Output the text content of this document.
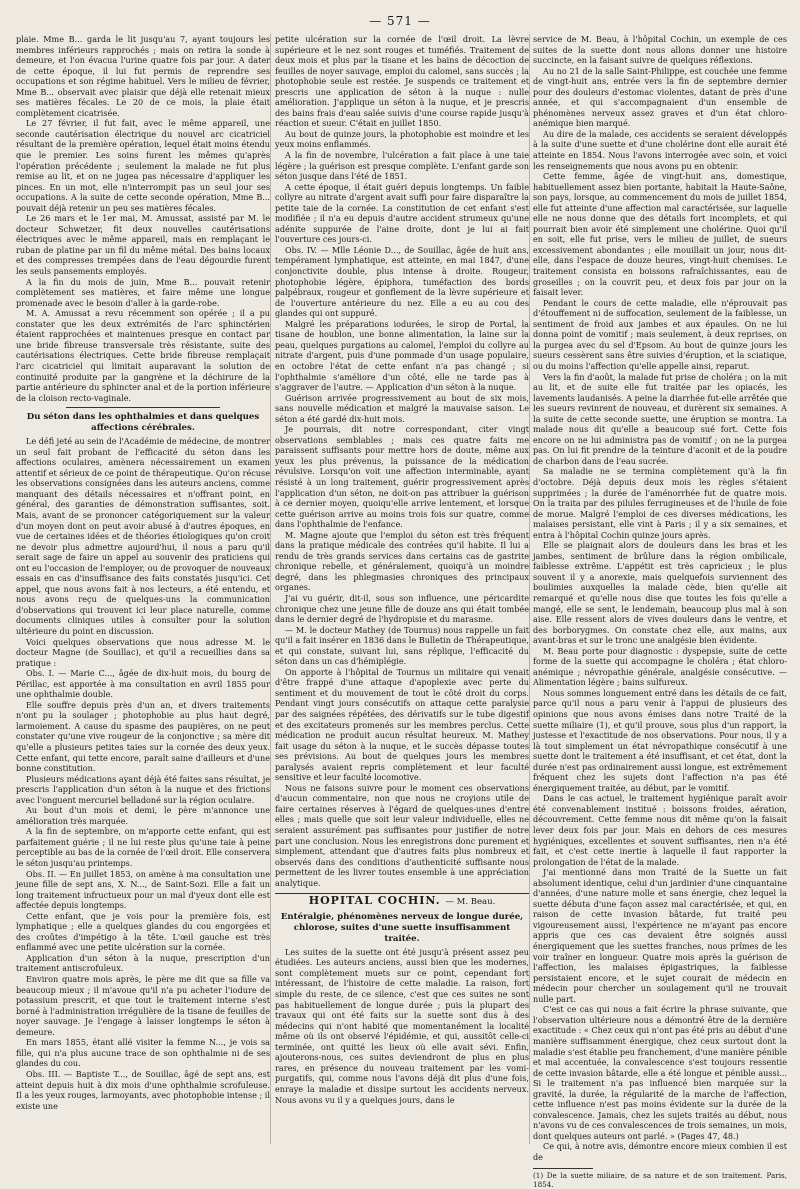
— 571 —

plaie. Mme B... garda le lit jusqu'au 7, ayant toujours les membres inférieurs rapprochés ; mais on retira la sonde à demeure, et l'on évacua l'urine quatre fois par jour. A dater de cette époque, il lui fut permis de reprendre ses occupations et son régime habituel. Vers le milieu de février, Mme B... observait avec plaisir que déjà elle retenait mieux ses matières fécales. Le 20 de ce mois, la plaie était complètement cicatrisée.

Le 27 février, il fut fait, avec le même appareil, une seconde cautérisation électrique du nouvel arc cicatriciel résultant de la première opération, lequel était moins étendu que le premier. Les soins furent les mêmes qu'après l'opération précédente ; seulement la malade ne fut plus remise au lit, et on ne jugea pas nécessaire d'appliquer les pinces. En un mot, elle n'interrompit pas un seul jour ses occupations. A la suite de cette seconde opération, Mme B... pouvait déjà retenir un peu ses matières fécales.

Le 26 mars et le 1er mai, M. Amussat, assisté par M. le docteur Schwetzer, fit deux nouvelles cautérisations électriques avec le même appareil, mais en remplaçant le ruban de platine par un fil du même métal. Des bains locaux et des compresses trempées dans de l'eau dégourdie furent les seuls pansements employés.

A la fin du mois de juin, Mme B... pouvait retenir complètement ses matières, et faire même une longue promenade avec le besoin d'aller à la garde-robe.

M. A. Amussat a revu récemment son opérée ; il a pu constater que les deux extrémités de l'arc sphinctérien étaient rapprochées et maintenues presque en contact par une bride fibreuse transversale très résistante, suite des cautérisations électriques. Cette bride fibreuse remplaçait l'arc cicatriciel qui limitait auparavant la solution de continuité produite par la gangrène et la déchirure de la partie antérieure du sphincter anal et de la portion inférieure de la cloison recto-vaginale.

Du séton dans les ophthalmies et dans quelques affections cérébrales.

Le défi jeté au sein de l'Académie de médecine, de montrer un seul fait probant de l'efficacité du séton dans les affections oculaires, amènera nécessairement un examen attentif et sérieux de ce point de thérapeutique. Qu'on récuse les observations consignées dans les auteurs anciens, comme manquant des détails nécessaires et n'offrant point, en général, des garanties de démonstration suffisantes, soit. Mais, avant de se prononcer catégoriquement sur la valeur d'un moyen dont on peut avoir abusé à d'autres époques, en vue de certaines idées et de théories étiologiques qu'on croit ne devoir plus admettre aujourd'hui, il nous a paru qu'il serait sage de faire un appel au souvenir des praticiens qui ont eu l'occasion de l'employer, ou de provoquer de nouveaux essais en cas d'insuffisance des faits constatés jusqu'ici. Cet appel, que nous avons fait à nos lecteurs, a été entendu, et nous avons reçu de quelques-uns la communication d'observations qui trouvent ici leur place naturelle, comme documents cliniques utiles à consulter pour la solution ultérieure du point en discussion.

Voici quelques observations que nous adresse M. le docteur Magne (de Souillac), et qu'il a recueillies dans sa pratique :

Obs. I. — Marie C..., âgée de dix-huit mois, du bourg de Périllac, est apportée à ma consultation en avril 1855 pour une ophthalmie double.

Elle souffre depuis près d'un an, et divers traitements n'ont pu la soulager ; photophobie au plus haut degré, larmoiement. A cause du spasme des paupières, on ne peut constater qu'une vive rougeur de la conjonctive ; sa mère dit qu'elle a plusieurs petites taies sur la cornée des deux yeux. Cette enfant, qui tette encore, paraît saine d'ailleurs et d'une bonne constitution.

Plusieurs médications ayant déjà été faites sans résultat, je prescris l'application d'un séton à la nuque et des frictions avec l'onguent mercuriel belladoné sur la région oculaire.

Au bout d'un mois et demi, le père m'annonce une amélioration très marquée.

A la fin de septembre, on m'apporte cette enfant, qui est parfaitement guérie ; il ne lui reste plus qu'une taie à peine perceptible au bas de la cornée de l'œil droit. Elle conservera le séton jusqu'au printemps.

Obs. II. — En juillet 1853, on amène à ma consultation une jeune fille de sept ans, X. N..., de Saint-Sozi. Elle a fait un long traitement infructueux pour un mal d'yeux dont elle est affectée depuis longtemps.

Cette enfant, que je vois pour la première fois, est lymphatique ; elle a quelques glandes du cou engorgées et des croûtes d'impétigo à la tête. L'œil gauche est très enflammé avec une petite ulcération sur la cornée.

Application d'un séton à la nuque, prescription d'un traitement antiscrofuleux.

Environ quatre mois après, le père me dit que sa fille va beaucoup mieux ; il m'avoue qu'il n'a pu acheter l'iodure de potassium prescrit, et que tout le traitement interne s'est borné à l'administration irrégulière de la tisane de feuilles de noyer sauvage. Je l'engage à laisser longtemps le séton à demeure.

En mars 1855, étant allé visiter la femme N..., je vois sa fille, qui n'a plus aucune trace de son ophthalmie ni de ses glandes du cou.

Obs. III. — Baptiste T..., de Souillac, âgé de sept ans, est atteint depuis huit à dix mois d'une ophthalmie scrofuleuse. Il a les yeux rouges, larmoyants, avec photophobie intense ; il existe une

petite ulcération sur la cornée de l'œil droit. La lèvre supérieure et le nez sont rouges et tuméfiés. Traitement de deux mois et plus par la tisane et les bains de décoction de feuilles de noyer sauvage, emploi du calomel, sans succès ; la photophobie seule est restée. Je suspends ce traitement et prescris une application de séton à la nuque : nulle amélioration. J'applique un séton à la nuque, et je prescris des bains frais d'eau salée suivis d'une course rapide jusqu'à réaction et sueur. C'était en juillet 1850.

Au bout de quinze jours, la photophobie est moindre et les yeux moins enflammés.

A la fin de novembre, l'ulcération a fait place à une taie légère ; la guérison est presque complète. L'enfant garde son séton jusque dans l'été de 1851.

A cette époque, il était guéri depuis longtemps. Un faible collyre au nitrate d'argent avait suffi pour faire disparaître la petite taie de la cornée. La constitution de cet enfant s'est modifiée ; il n'a eu depuis d'autre accident strumeux qu'une adénite suppurée de l'aine droite, dont je lui ai fait l'ouverture ces jours-ci.

Obs. IV. — Mlle Léonie D..., de Souillac, âgée de huit ans, tempérament lymphatique, est atteinte, en mai 1847, d'une conjonctivite double, plus intense à droite. Rougeur, photophobie légère, épiphora, tuméfaction des bords palpébraux, rougeur et gonflement de la lèvre supérieure et de l'ouverture antérieure du nez. Elle a eu au cou des glandes qui ont suppuré.

Malgré les préparations iodurées, le sirop de Portal, la tisane de houblon, une bonne alimentation, la laine sur la peau, quelques purgations au calomel, l'emploi du collyre au nitrate d'argent, puis d'une pommade d'un usage populaire, en octobre l'état de cette enfant n'a pas changé ; si l'ophthalmie s'améliore d'un côté, elle ne tarde pas à s'aggraver de l'autre. — Application d'un séton à la nuque.

Guérison arrivée progressivement au bout de six mois, sans nouvelle médication et malgré la mauvaise saison. Le séton a été gardé dix-huit mois.

Je pourrais, dit notre correspondant, citer vingt observations semblables ; mais ces quatre faits me paraissent suffisants pour mettre hors de doute, même aux yeux les plus prévenus, la puissance de la médication révulsive. Lorsqu'on voit une affection interminable, ayant résisté à un long traitement, guérir progressivement après l'application d'un séton, ne doit-on pas attribuer la guérison à ce dernier moyen, quoiqu'elle arrive lentement, et lorsque cette guérison arrive au moins trois fois sur quatre, comme dans l'ophthalmie de l'enfance.

M. Magne ajoute que l'emploi du séton est très fréquent dans la pratique médicale des contrées qu'il habite. Il lui a rendu de très grands services dans certains cas de gastrite chronique rebelle, et généralement, quoiqu'à un moindre degré, dans les phlegmasies chroniques des principaux organes.

J'ai vu guérir, dit-il, sous son influence, une péricardite chronique chez une jeune fille de douze ans qui était tombée dans le dernier degré de l'hydropisie et du marasme.

— M. le docteur Mathey (de Tournus) nous rappelle un fait qu'il a fait insérer en 1836 dans le Bulletin de Thérapeutique, et qui constate, suivant lui, sans réplique, l'efficacité du séton dans un cas d'hémiplégie.

On apporte à l'hôpital de Tournus un militaire qui venait d'être frappé d'une attaque d'apoplexie avec perte du sentiment et du mouvement de tout le côté droit du corps. Pendant vingt jours consécutifs on attaque cette paralysie par des saignées répétées, des dérivatifs sur le tube digestif et des excitateurs promenés sur les membres perclus. Cette médication ne produit aucun résultat heureux. M. Mathey fait usage du séton à la nuque, et le succès dépasse toutes ses prévisions. Au bout de quelques jours les membres paralysés avaient repris complètement et leur faculté sensitive et leur faculté locomotive.

Nous ne faisons suivre pour le moment ces observations d'aucun commentaire, non que nous ne croyions utile de faire certaines réserves à l'égard de quelques-unes d'entre elles ; mais quelle que soit leur valeur individuelle, elles ne seraient assurément pas suffisantes pour justifier de notre part une conclusion. Nous les enregistrons donc purement et simplement, attendant que d'autres faits plus nombreux et observés dans des conditions d'authenticité suffisante nous permettent de les livrer toutes ensemble à une appréciation analytique.

HOPITAL COCHIN. — M. Beau.
Entéralgie, phénomènes nerveux de longue durée, chlorose, suites d'une suette insuffisamment traitée.

Les suites de la suette ont été jusqu'à présent assez peu étudiées. Les auteurs anciens, aussi bien que les modernes, sont complètement muets sur ce point, cependant fort intéressant, de l'histoire de cette maladie. La raison, fort simple du reste, de ce silence, c'est que ces suites ne sont pas habituellement de longue durée ; puis la plupart des travaux qui ont été faits sur la suette sont dus à des médecins qui n'ont habité que momentanément la localité même où ils ont observé l'épidémie, et qui, aussitôt celle-ci terminée, ont quitté les lieux où elle avait sévi. Enfin, ajouterons-nous, ces suites deviendront de plus en plus rares, en présence du nouveau traitement par les vomi-purgatifs, qui, comme nous l'avons déjà dit plus d'une fois, enraye la maladie et dissipe surtout les accidents nerveux. Nous avons vu il y a quelques jours, dans le

service de M. Beau, à l'hôpital Cochin, un exemple de ces suites de la suette dont nous allons donner une histoire succincte, en la faisant suivre de quelques réflexions.

Au no 21 de la salle Saint-Philippe, est couchée une femme de vingt-huit ans, entrée vers la fin de septembre dernier pour des douleurs d'estomac violentes, datant de près d'une année, et qui s'accompagnaient d'un ensemble de phénomènes nerveux assez graves et d'un état chloro-anémique bien marqué.

Au dire de la malade, ces accidents se seraient développés à la suite d'une suette et d'une cholérine dont elle aurait été atteinte en 1854. Nous l'avons interrogée avec soin, et voici les renseignements que nous avons pu en obtenir.

Cette femme, âgée de vingt-huit ans, domestique, habituellement assez bien portante, habitait la Haute-Saône, son pays, lorsque, au commencement du mois de juillet 1854, elle fut atteinte d'une affection mal caractérisée, sur laquelle elle ne nous donne que des détails fort incomplets, et qui pourrait bien avoir été simplement une cholérine. Quoi qu'il en soit, elle fut prise, vers le milieu de juillet, de sueurs excessivement abondantes ; elle mouillait un jour, nous dit-elle, dans l'espace de douze heures, vingt-huit chemises. Le traitement consista en boissons rafraîchissantes, eau de groseilles ; on la couvrit peu, et deux fois par jour on la faisait lever.

Pendant le cours de cette maladie, elle n'éprouvait pas d'étouffement ni de suffocation, seulement de la faiblesse, un sentiment de froid aux jambes et aux épaules. On ne lui donna point de vomitif ; mais seulement, à deux reprises, on la purgea avec du sel d'Epsom. Au bout de quinze jours les sueurs cessèrent sans être suivies d'éruption, et la sciatique, ou du moins l'affection qu'elle appelle ainsi, reparut.

Vers la fin d'août, la malade fut prise de choléra ; on la mit au lit, et de suite elle fut traitée par les opiacés, les lavements laudanisés. A peine la diarrhée fut-elle arrêtée que les sueurs revinrent de nouveau, et durèrent six semaines. A la suite de cette seconde suette, une éruption se montra. La malade nous dit qu'elle a beaucoup sué fort. Cette fois encore on ne lui administra pas de vomitif ; on ne la purgea pas. On lui fit prendre de la teinture d'aconit et de la poudre de charbon dans de l'eau sucrée.

Sa maladie ne se termina complètement qu'à la fin d'octobre. Déjà depuis deux mois les règles s'étaient supprimées ; la durée de l'aménorrhée fut de quatre mois. On la traita par des pilules ferrugineuses et de l'huile de foie de morue. Malgré l'emploi de ces diverses médications, les malaises persistant, elle vint à Paris ; il y a six semaines, et entra à l'hôpital Cochin quinze jours après.

Elle se plaignait alors de douleurs dans les bras et les jambes, sentiment de brûlure dans la région ombilicale, faiblesse extrême. L'appétit est très capricieux ; le plus souvent il y a anorexie, mais quelquefois surviennent des boulimies auxquelles la malade cède, bien qu'elle ait remarqué et qu'elle nous dise que toutes les fois qu'elle a mangé, elle se sent, le lendemain, beaucoup plus mal à son aise. Elle ressent alors de vives douleurs dans le ventre, et des borborygmes. On constate chez elle, aux mains, aux avant-bras et sur le tronc une analgésie bien évidente.

M. Beau porte pour diagnostic : dyspepsie, suite de cette forme de la suette qui accompagne le choléra ; état chloro-anémique ; névropathie générale, analgésie consécutive. — Alimentation légère ; bains sulfureux.

Nous sommes longuement entré dans les détails de ce fait, parce qu'il nous a paru venir à l'appui de plusieurs des opinions que nous avons émises dans notre Traité de la suette miliaire (1), et qu'il prouve, sous plus d'un rapport, la justesse et l'exactitude de nos observations. Pour nous, il y a là tout simplement un état névropathique consécutif à une suette dont le traitement a été insuffisant, et cet état, dont la durée n'est pas ordinairement aussi longue, est extrêmement fréquent chez les sujets dont l'affection n'a pas été énergiquement traitée, au début, par le vomitif.

Dans le cas actuel, le traitement hygiénique paraît avoir été convenablement institué : boissons froides, aération, découvrement. Cette femme nous dit même qu'on la faisait lever deux fois par jour. Mais en dehors de ces mesures hygiéniques, excellentes et souvent suffisantes, rien n'a été fait, et c'est cette inertie à laquelle il faut rapporter la prolongation de l'état de la malade.

J'ai mentionné dans mon Traité de la Suette un fait absolument identique, celui d'un jardinier d'une cinquantaine d'années, d'une nature molle et sans énergie, chez lequel la suette débuta d'une façon assez mal caractérisée, et qui, en raison de cette invasion bâtarde, fut traité peu vigoureusement aussi, l'expérience ne m'ayant pas encore appris que ces cas devaient être soignés aussi énergiquement que les suettes franches, nous prîmes de les voir traîner en longueur. Quatre mois après la guérison de l'affection, les malaises épigastriques, la faiblesse persistaient encore, et le sujet courait de médecin en médecin pour chercher un soulagement qu'il ne trouvait nulle part.

C'est ce cas qui nous a fait écrire la phrase suivante, que l'observation ultérieure nous a démontré être de la dernière exactitude : « Chez ceux qui n'ont pas été pris au début d'une manière suffisamment énergique, chez ceux surtout dont la maladie s'est établie peu franchement, d'une manière pénible et mal accentuée, la convalescence s'est toujours ressentie de cette invasion bâtarde, elle a été longue et pénible aussi... Si le traitement n'a pas influencé bien marquée sur la gravité, la durée, la régularité de la marche de l'affection, cette influence n'est pas moins évidente sur la durée de la convalescence. Jamais, chez les sujets traités au début, nous n'avons vu de ces convalescences de trois semaines, un mois, dont quelques auteurs ont parlé. » (Pages 47, 48.)

Ce qui, à notre avis, démontre encore mieux combien il est de

(1) De la suette miliaire, de sa nature et de son traitement. Paris, 1854.
